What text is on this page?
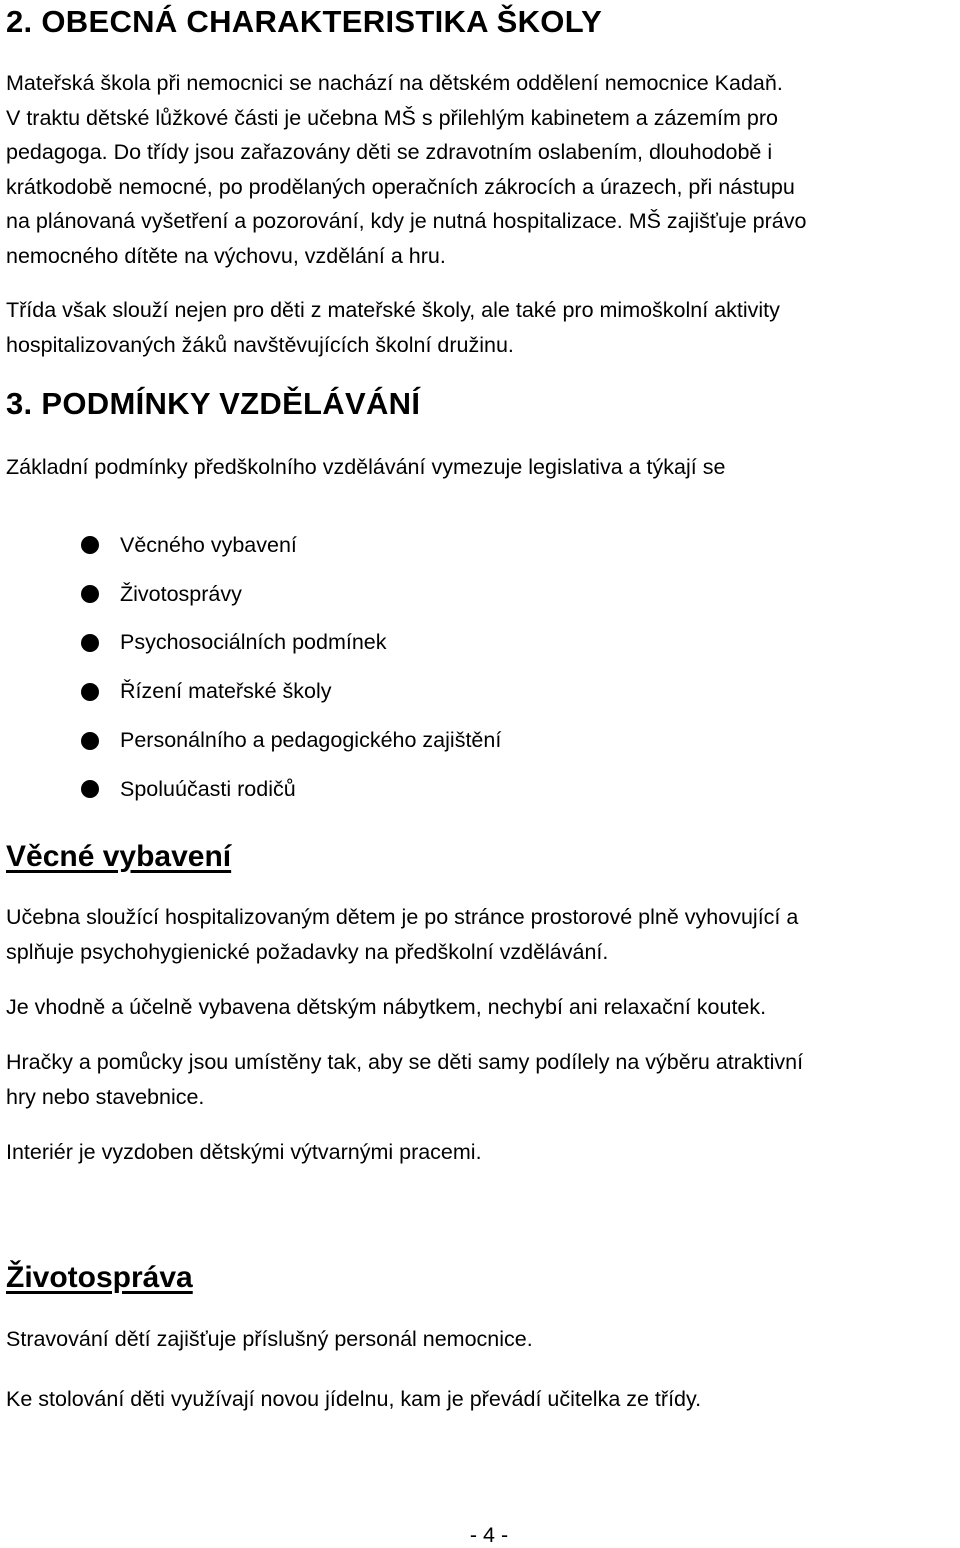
2. OBECNÁ CHARAKTERISTIKA ŠKOLY
Mateřská škola při nemocnici se nachází na dětském oddělení nemocnice Kadaň.
V traktu dětské lůžkové části je učebna MŠ s přilehlým kabinetem a zázemím pro
pedagoga. Do třídy jsou zařazovány děti se zdravotním oslabením, dlouhodobě i
krátkodobě nemocné, po prodělaných operačních zákrocích a úrazech, při nástupu
na plánovaná vyšetření a pozorování, kdy je nutná hospitalizace. MŠ zajišťuje právo
nemocného dítěte na výchovu, vzdělání a hru.
Třída však slouží nejen pro děti z mateřské školy, ale také pro mimoškolní aktivity
hospitalizovaných žáků navštěvujících školní družinu.
3. PODMÍNKY VZDĚLÁVÁNÍ

Základní podmínky předškolního vzdělávání vymezuje legislativa a týkají se

Věcného vybavení
Životosprávy
Psychosociálních podmínek
Řízení mateřské školy
Personálního a pedagogického zajištění
Spoluúčasti rodičů
Věcné vybavení
Učebna sloužící hospitalizovaným dětem je po stránce prostorové plně vyhovující a
splňuje psychohygienické požadavky na předškolní vzdělávání.

Je vhodně a účelně vybavena dětským nábytkem, nechybí ani relaxační koutek.

Hračky a pomůcky jsou umístěny tak, aby se děti samy podílely na výběru atraktivní
hry nebo stavebnice.

Interiér je vyzdoben dětskými výtvarnými pracemi.

Životospráva

Stravování dětí zajišťuje příslušný personál nemocnice.

Ke stolování děti využívají novou jídelnu, kam je převádí učitelka ze třídy.

- 4 -
